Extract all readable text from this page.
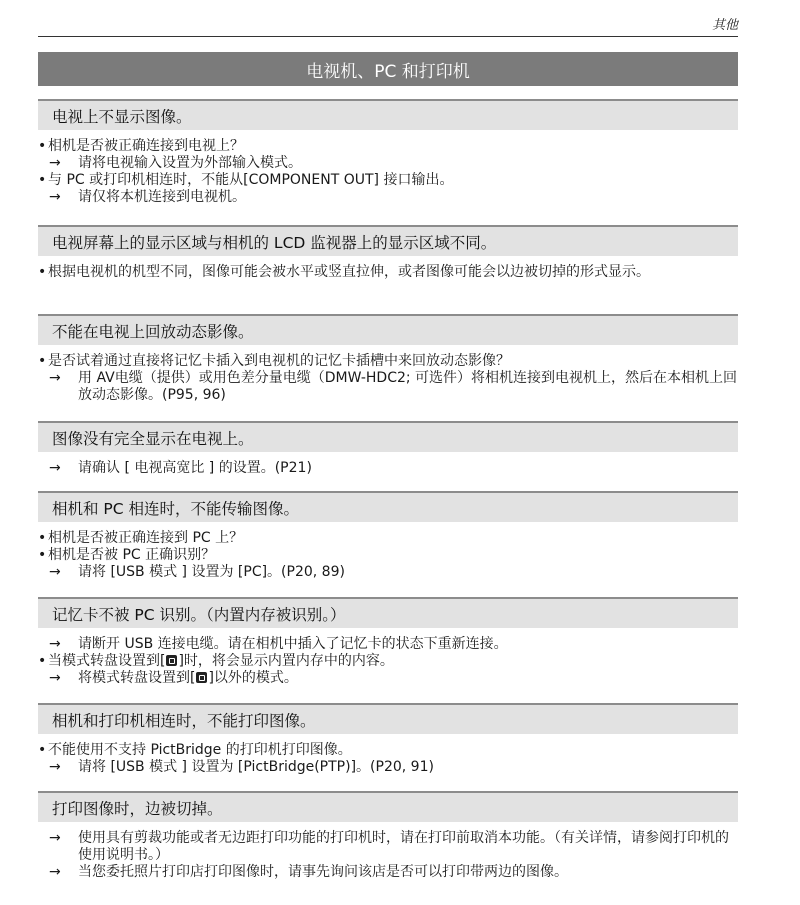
其他
电视机、PC 和打印机
电视上不显示图像。

• 相机是否被正确连接到电视上？

→ 请将电视输入设置为外部输入模式。

• 与 PC 或打印机相连时，不能从[COMPONENT OUT] 接口输出。

→ 请仅将本机连接到电视机。

电视屏幕上的显示区域与相机的 LCD 监视器上的显示区域不同。

• 根据电视机的机型不同，图像可能会被水平或竖直拉伸，或者图像可能会以边被切掉的形式显示。

不能在电视上回放动态影像。

• 是否试着通过直接将记忆卡插入到电视机的记忆卡插槽中来回放动态影像？

→ 用 AV电缆（提供）或用色差分量电缆（DMW-HDC2; 可选件）将相机连接到电视机上，然后在本相机上回放动态影像。(P95, 96)

图像没有完全显示在电视上。

→ 请确认 [ 电视高宽比 ] 的设置。(P21)

相机和 PC 相连时，不能传输图像。

• 相机是否被正确连接到 PC 上？

• 相机是否被 PC 正确识别？

→ 请将 [USB 模式 ] 设置为 [PC]。(P20, 89)

记忆卡不被 PC 识别。（内置内存被识别。）

→ 请断开 USB 连接电缆。请在相机中插入了记忆卡的状态下重新连接。

• 当模式转盘设置到[ ]时，将会显示内置内存中的内容。

→ 将模式转盘设置到[ ]以外的模式。

相机和打印机相连时，不能打印图像。

• 不能使用不支持 PictBridge 的打印机打印图像。

→ 请将 [USB 模式 ] 设置为 [PictBridge(PTP)]。(P20, 91)

打印图像时，边被切掉。

→ 使用具有剪裁功能或者无边距打印功能的打印机时，请在打印前取消本功能。（有关详情，请参阅打印机的使用说明书。）

→ 当您委托照片打印店打印图像时，请事先询问该店是否可以打印带两边的图像。
